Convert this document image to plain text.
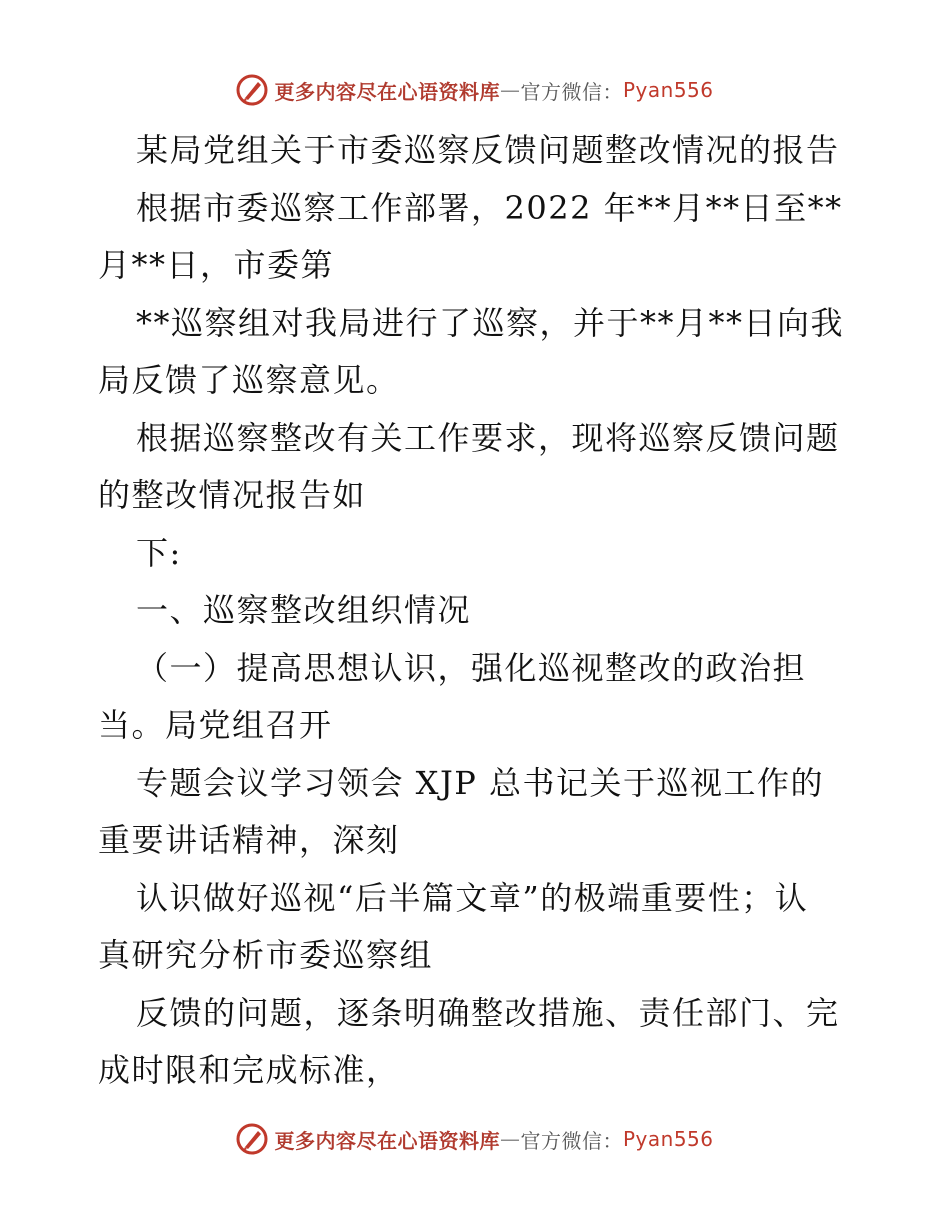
更多内容尽在心语资料库 — 官方微信： Pyan556

某局党组关于市委巡察反馈问题整改情况的报告

根据市委巡察工作部署，2022 年**月**日至**

月**日，市委第

**巡察组对我局进行了巡察，并于**月**日向我

局反馈了巡察意见。

根据巡察整改有关工作要求，现将巡察反馈问题

的整改情况报告如

下:

一、巡察整改组织情况

（一）提高思想认识，强化巡视整改的政治担

当。局党组召开

专题会议学习领会 XJP 总书记关于巡视工作的

重要讲话精神，深刻

认识做好巡视“后半篇文章”的极端重要性；认

真研究分析市委巡察组

反馈的问题，逐条明确整改措施、责任部门、完

成时限和完成标准，

更多内容尽在心语资料库 — 官方微信： Pyan556
